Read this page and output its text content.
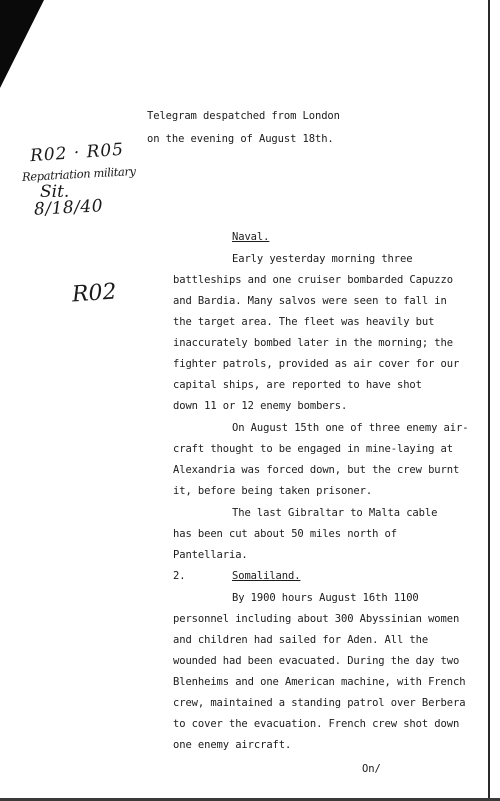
Telegram despatched from London
on the evening of August 18th.
R02 · R05
Repatriation military
Sit.
8/18/40
R02
Naval.
Early yesterday morning three
battleships and one cruiser bombarded Capuzzo
and Bardia. Many salvos were seen to fall in
the target area. The fleet was heavily but
inaccurately bombed later in the morning; the
fighter patrols, provided as air cover for our
capital ships, are reported to have shot
down 11 or 12 enemy bombers.
On August 15th one of three enemy air-
craft thought to be engaged in mine-laying at
Alexandria was forced down, but the crew burnt
it, before being taken prisoner.
The last Gibraltar to Malta cable
has been cut about 50 miles north of
Pantellaria.
2.	Somaliland.
By 1900 hours August 16th 1100
personnel including about 300 Abyssinian women
and children had sailed for Aden. All the
wounded had been evacuated. During the day two
Blenheims and one American machine, with French
crew, maintained a standing patrol over Berbera
to cover the evacuation. French crew shot down
one enemy aircraft.
On/
